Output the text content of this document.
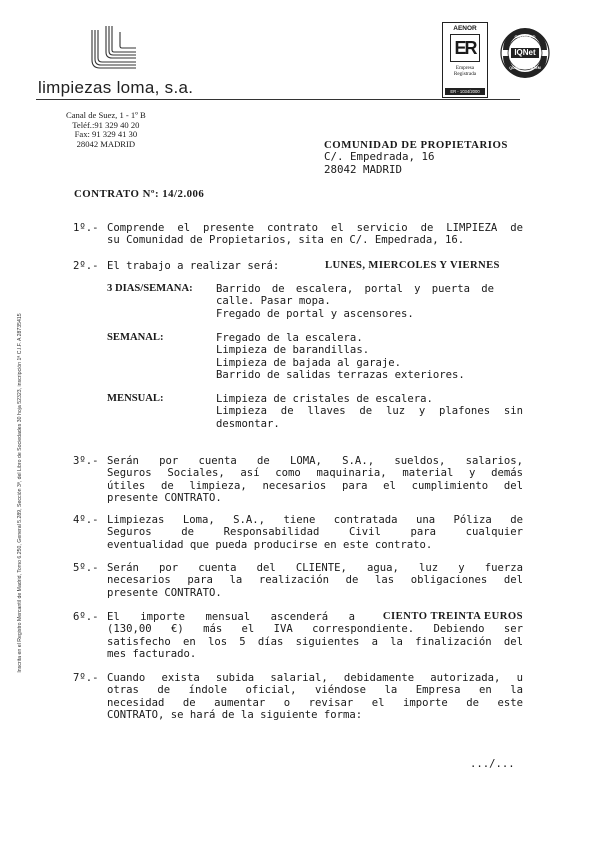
limpiezas loma, s.a.
AENOR
ER
Empresa
Registrada
ER - 1034/2000
IQNet
CERTIFIED
QUALITY SYSTEM
Canal de Suez, 1 - 1º B
Teléf.:91 329 40 20
Fax: 91 329 41 30
28042 MADRID	COMUNIDAD DE PROPIETARIOS
C/. Empedrada, 16
28042 MADRID
CONTRATO Nº: 14/2.006
Inscrita en el Registro Mercantil de Madrid, Tomo 6.250, General 5.289, Sección 3ª, del Libro de Sociedades 30 hoja 52323, inscripción 1ª C.I.F. A 28735415
1º.- Comprende el presente contrato el servicio de LIMPIEZA de
su Comunidad de Propietarios, sita en C/. Empedrada, 16.
2º.- El trabajo a realizar será:	LUNES, MIERCOLES Y VIERNES
3 DIAS/SEMANA: Barrido de escalera, portal y puerta de
calle. Pasar mopa.
Fregado de portal y ascensores.
SEMANAL:	Fregado de la escalera.
Limpieza de barandillas.
Limpieza de bajada al garaje.
Barrido de salidas terrazas exteriores.
MENSUAL:	Limpieza de cristales de escalera.
Limpieza de llaves de luz y plafones sin
desmontar.
3º.- Serán por cuenta de LOMA, S.A., sueldos, salarios,
Seguros Sociales, así como maquinaria, material y demás
útiles de limpieza, necesarios para el cumplimiento del
presente CONTRATO.
4º.- Limpiezas Loma, S.A., tiene contratada una Póliza de
Seguros de Responsabilidad Civil para cualquier
eventualidad que pueda producirse en este contrato.
5º.- Serán por cuenta del CLIENTE, agua, luz y fuerza
necesarios para la realización de las obligaciones del
presente CONTRATO.
6º.- El importe mensual ascenderá a	CIENTO TREINTA EUROS
(130,00 €) más el IVA correspondiente. Debiendo ser
satisfecho en los 5 días siguientes a la finalización del
mes facturado.
7º.- Cuando exista subida salarial, debidamente autorizada, u
otras de índole oficial, viéndose la Empresa en la
necesidad de aumentar o revisar el importe de este
CONTRATO, se hará de la siguiente forma:
.../...
